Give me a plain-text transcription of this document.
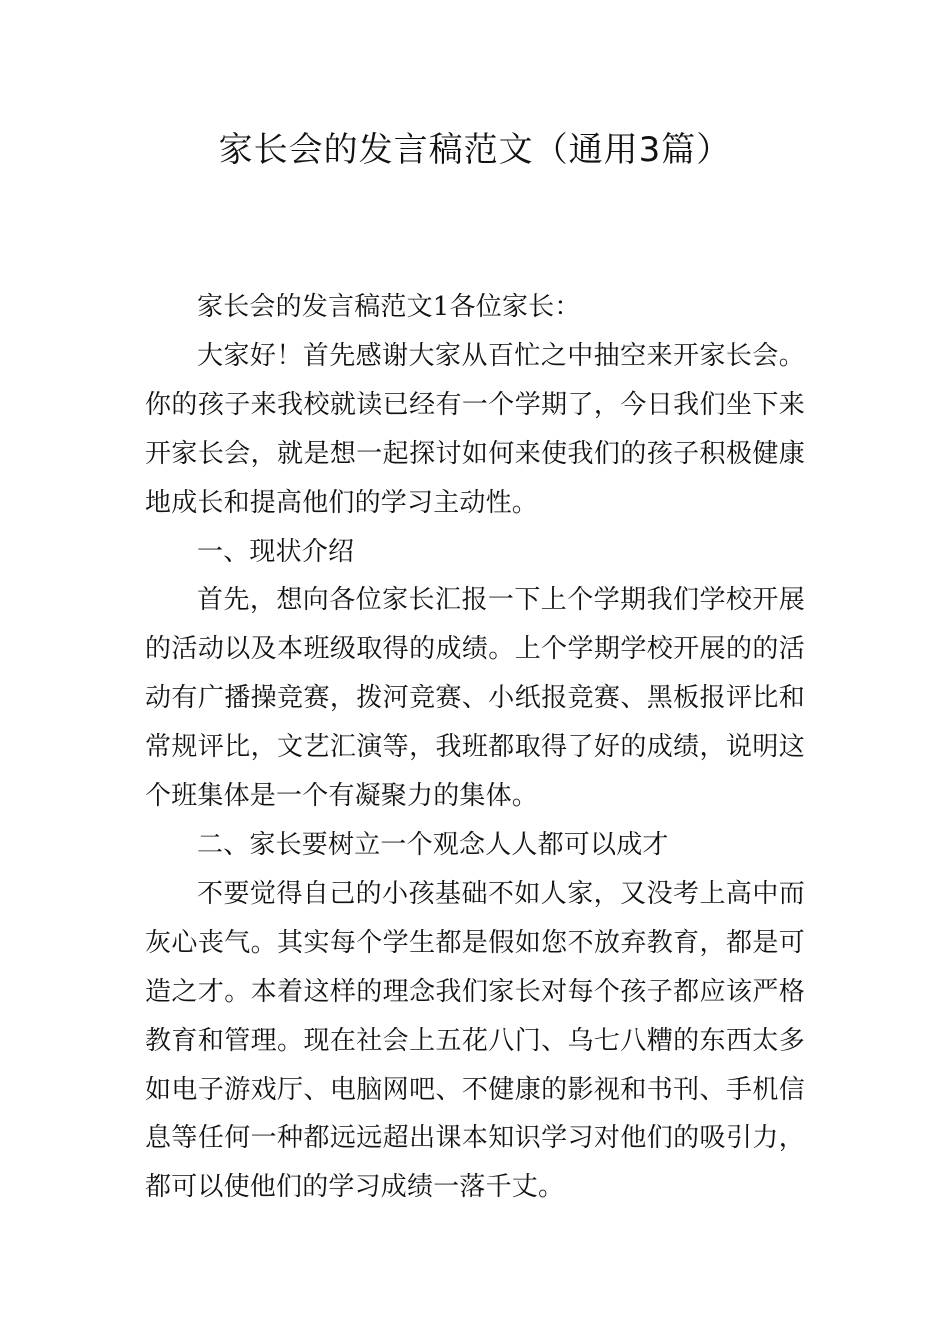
家长会的发言稿范文（通用3篇）

家长会的发言稿范文1各位家长：

大家好！首先感谢大家从百忙之中抽空来开家长会。你的孩子来我校就读已经有一个学期了，今日我们坐下来开家长会，就是想一起探讨如何来使我们的孩子积极健康地成长和提高他们的学习主动性。

一、现状介绍

首先，想向各位家长汇报一下上个学期我们学校开展的活动以及本班级取得的成绩。上个学期学校开展的的活动有广播操竞赛，拨河竞赛、小纸报竞赛、黑板报评比和常规评比，文艺汇演等，我班都取得了好的成绩，说明这个班集体是一个有凝聚力的集体。

二、家长要树立一个观念人人都可以成才

不要觉得自己的小孩基础不如人家，又没考上高中而灰心丧气。其实每个学生都是假如您不放弃教育，都是可造之才。本着这样的理念我们家长对每个孩子都应该严格教育和管理。现在社会上五花八门、乌七八糟的东西太多如电子游戏厅、电脑网吧、不健康的影视和书刊、手机信息等任何一种都远远超出课本知识学习对他们的吸引力，都可以使他们的学习成绩一落千丈。
